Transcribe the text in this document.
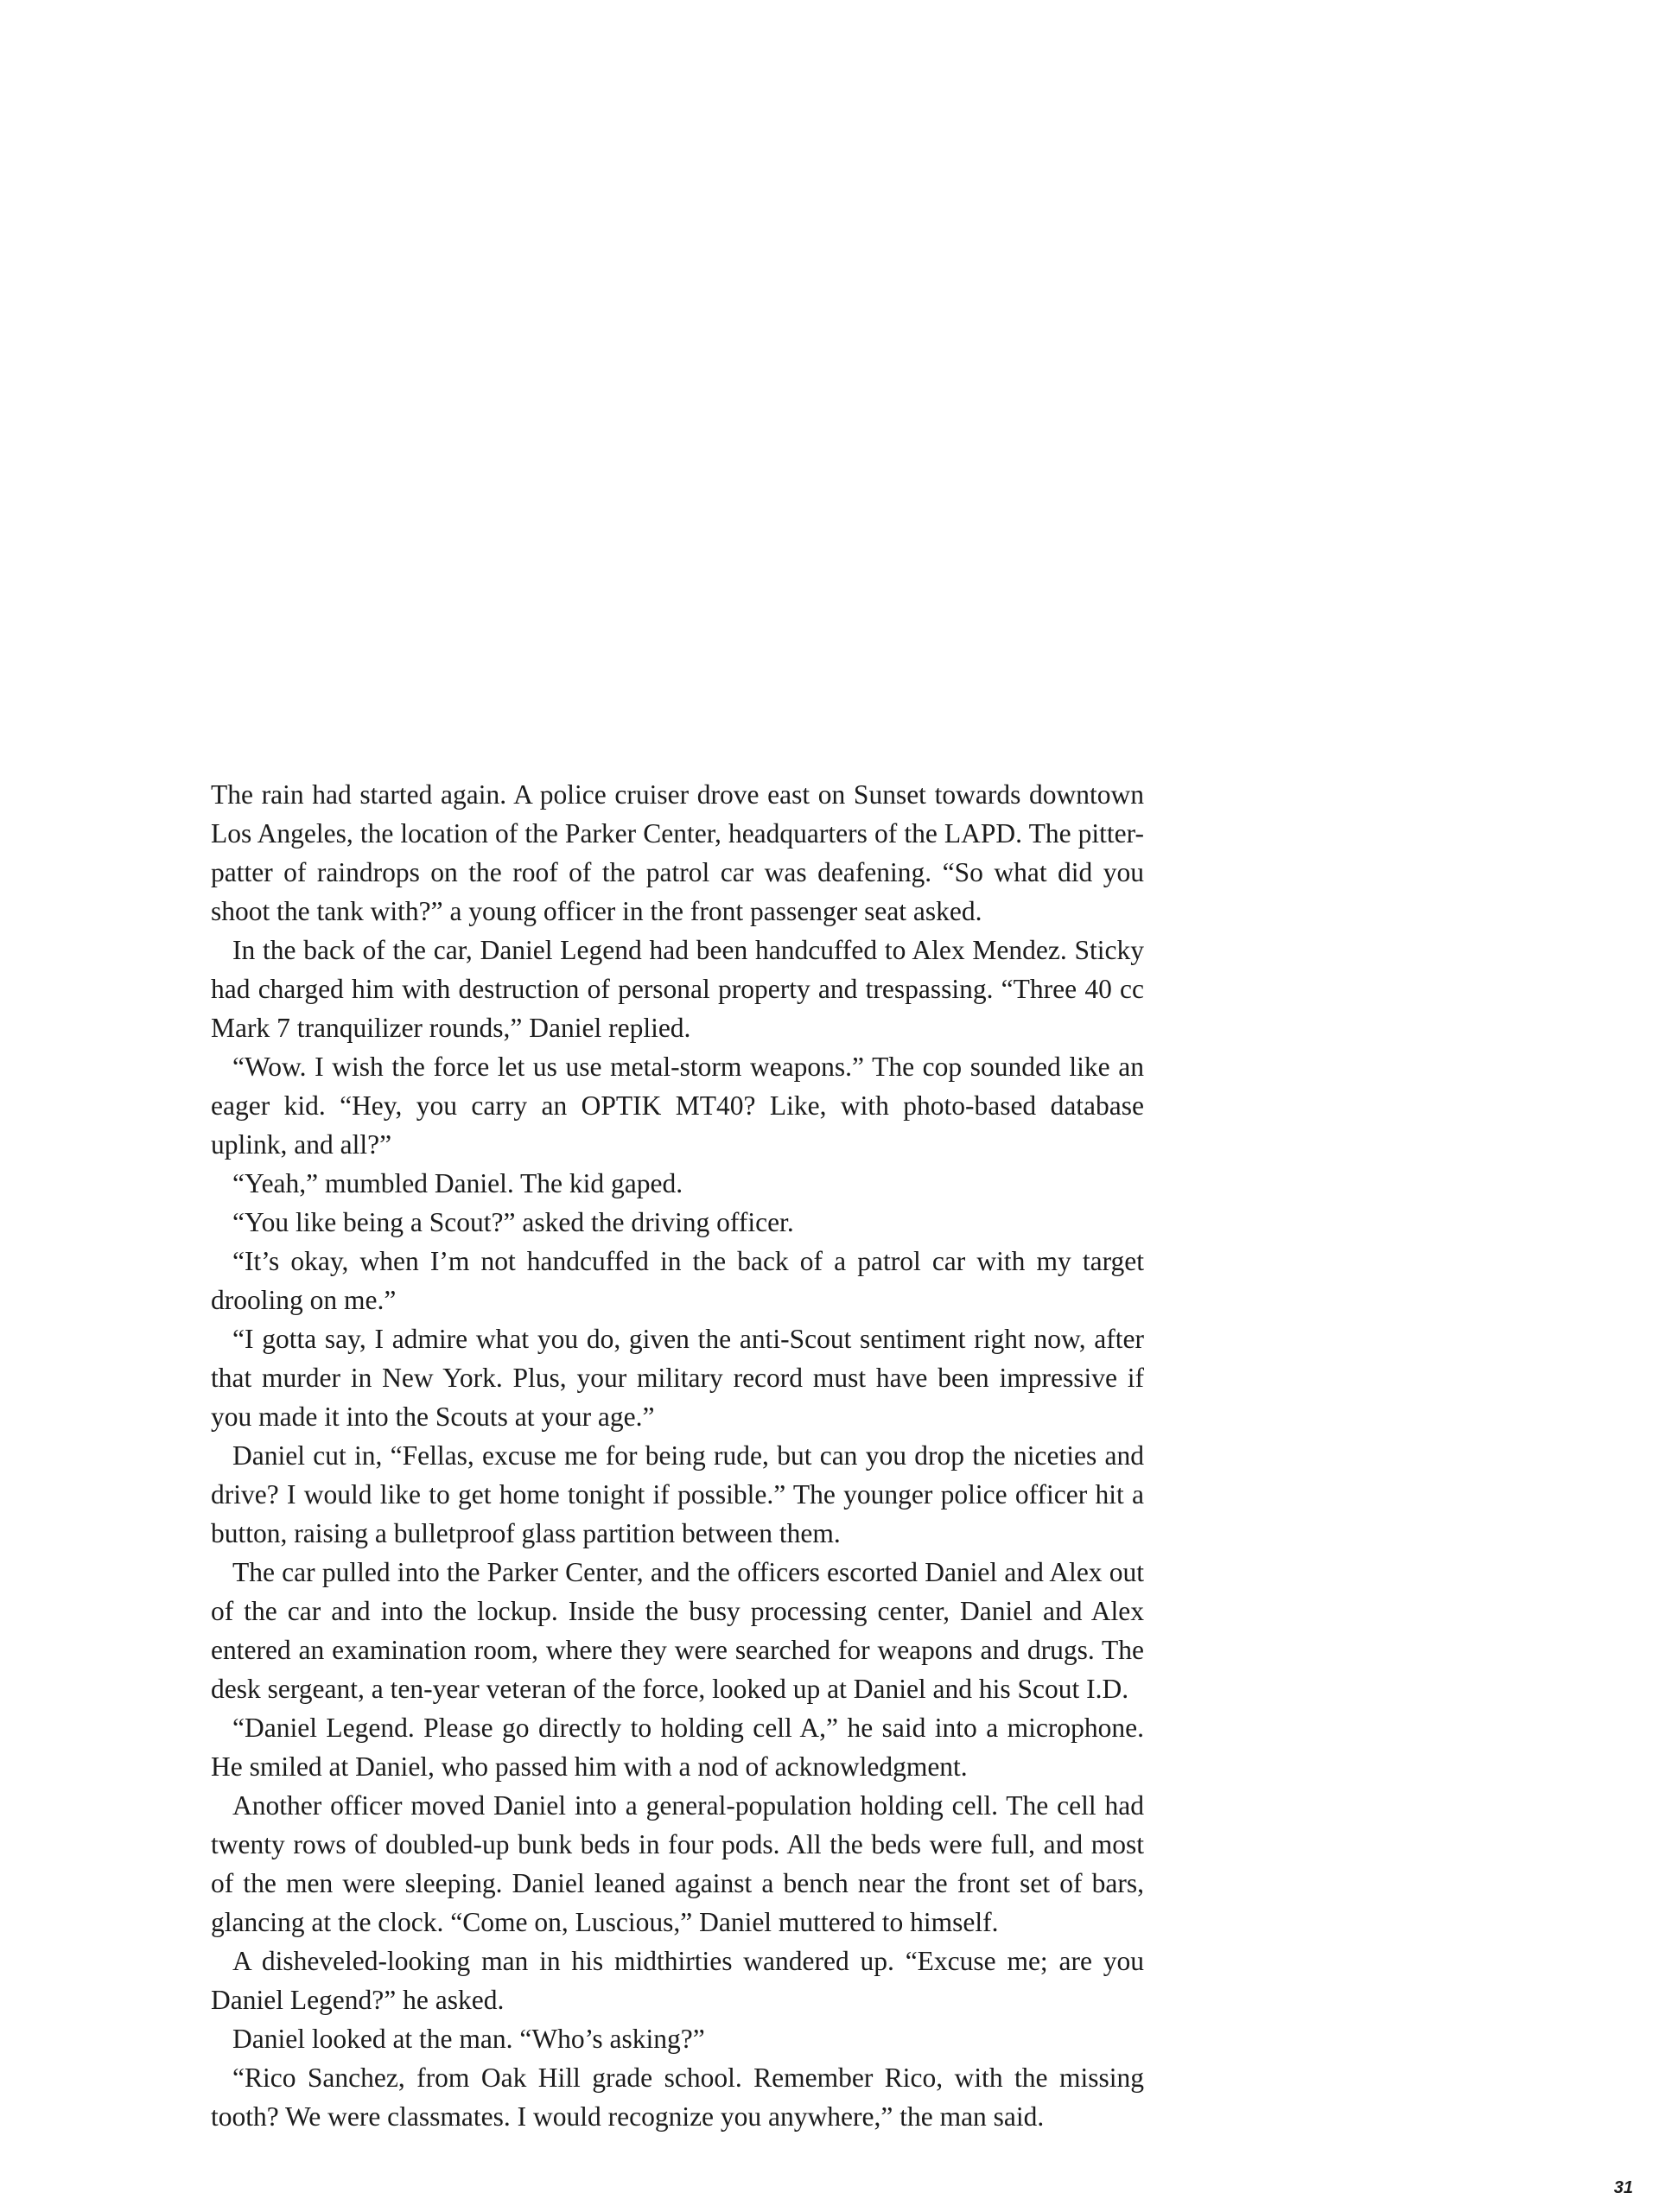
The rain had started again. A police cruiser drove east on Sunset towards downtown Los Angeles, the location of the Parker Center, headquarters of the LAPD. The pitter-patter of raindrops on the roof of the patrol car was deafening. “So what did you shoot the tank with?” a young officer in the front passenger seat asked.

In the back of the car, Daniel Legend had been handcuffed to Alex Mendez. Sticky had charged him with destruction of personal property and trespassing. “Three 40 cc Mark 7 tranquilizer rounds,” Daniel replied.

“Wow. I wish the force let us use metal-storm weapons.” The cop sounded like an eager kid. “Hey, you carry an OPTIK MT40? Like, with photo-based database uplink, and all?”

“Yeah,” mumbled Daniel. The kid gaped.

“You like being a Scout?” asked the driving officer.

“It’s okay, when I’m not handcuffed in the back of a patrol car with my target drooling on me.”

“I gotta say, I admire what you do, given the anti-Scout sentiment right now, after that murder in New York. Plus, your military record must have been impressive if you made it into the Scouts at your age.”

Daniel cut in, “Fellas, excuse me for being rude, but can you drop the niceties and drive? I would like to get home tonight if possible.” The younger police officer hit a button, raising a bulletproof glass partition between them.

The car pulled into the Parker Center, and the officers escorted Daniel and Alex out of the car and into the lockup. Inside the busy processing center, Daniel and Alex entered an examination room, where they were searched for weapons and drugs. The desk sergeant, a ten-year veteran of the force, looked up at Daniel and his Scout I.D.

“Daniel Legend. Please go directly to holding cell A,” he said into a microphone. He smiled at Daniel, who passed him with a nod of acknowledgment.

Another officer moved Daniel into a general-population holding cell. The cell had twenty rows of doubled-up bunk beds in four pods. All the beds were full, and most of the men were sleeping. Daniel leaned against a bench near the front set of bars, glancing at the clock. “Come on, Luscious,” Daniel muttered to himself.

A disheveled-looking man in his midthirties wandered up. “Excuse me; are you Daniel Legend?” he asked.

Daniel looked at the man. “Who’s asking?”

“Rico Sanchez, from Oak Hill grade school. Remember Rico, with the missing tooth? We were classmates. I would recognize you anywhere,” the man said.

31
